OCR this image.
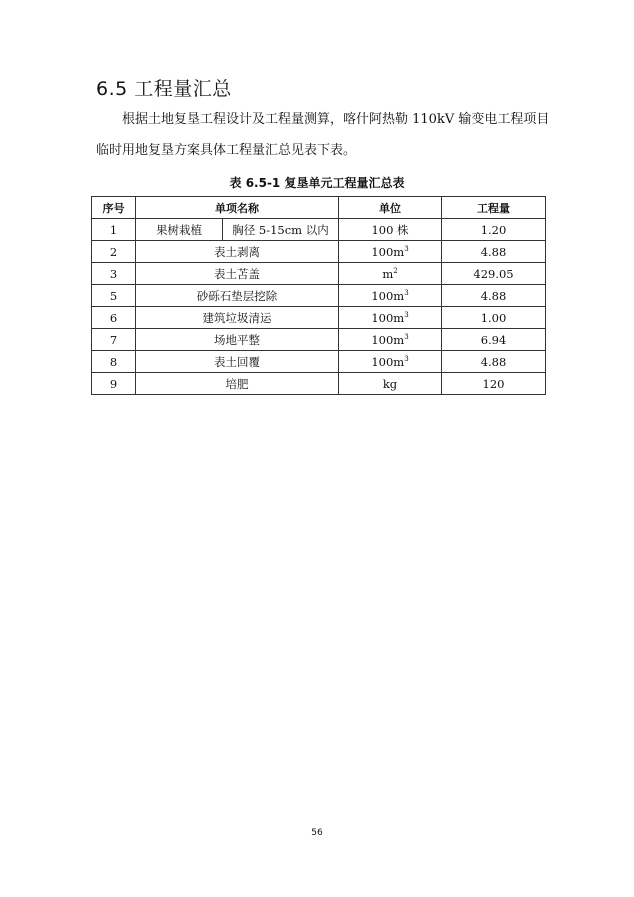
6.5 工程量汇总
  根据土地复垦工程设计及工程量测算，喀什阿热勒 110kV 输变电工程项目
临时用地复垦方案具体工程量汇总见表下表。
表 6.5-1 复垦单元工程量汇总表
序号	单项名称		单位	工程量
1	果树栽植	胸径 5-15cm 以内	100 株	1.20
2	表土剥离		$100m^3$	4.88
3	表土苫盖		$m^2$	429.05
5	砂砾石垫层挖除		$100m^3$	4.88
6	建筑垃圾清运		$100m^3$	1.00
7	场地平整		$100m^3$	6.94
8	表土回覆		$100m^3$	4.88
9	培肥		kg	120
56
